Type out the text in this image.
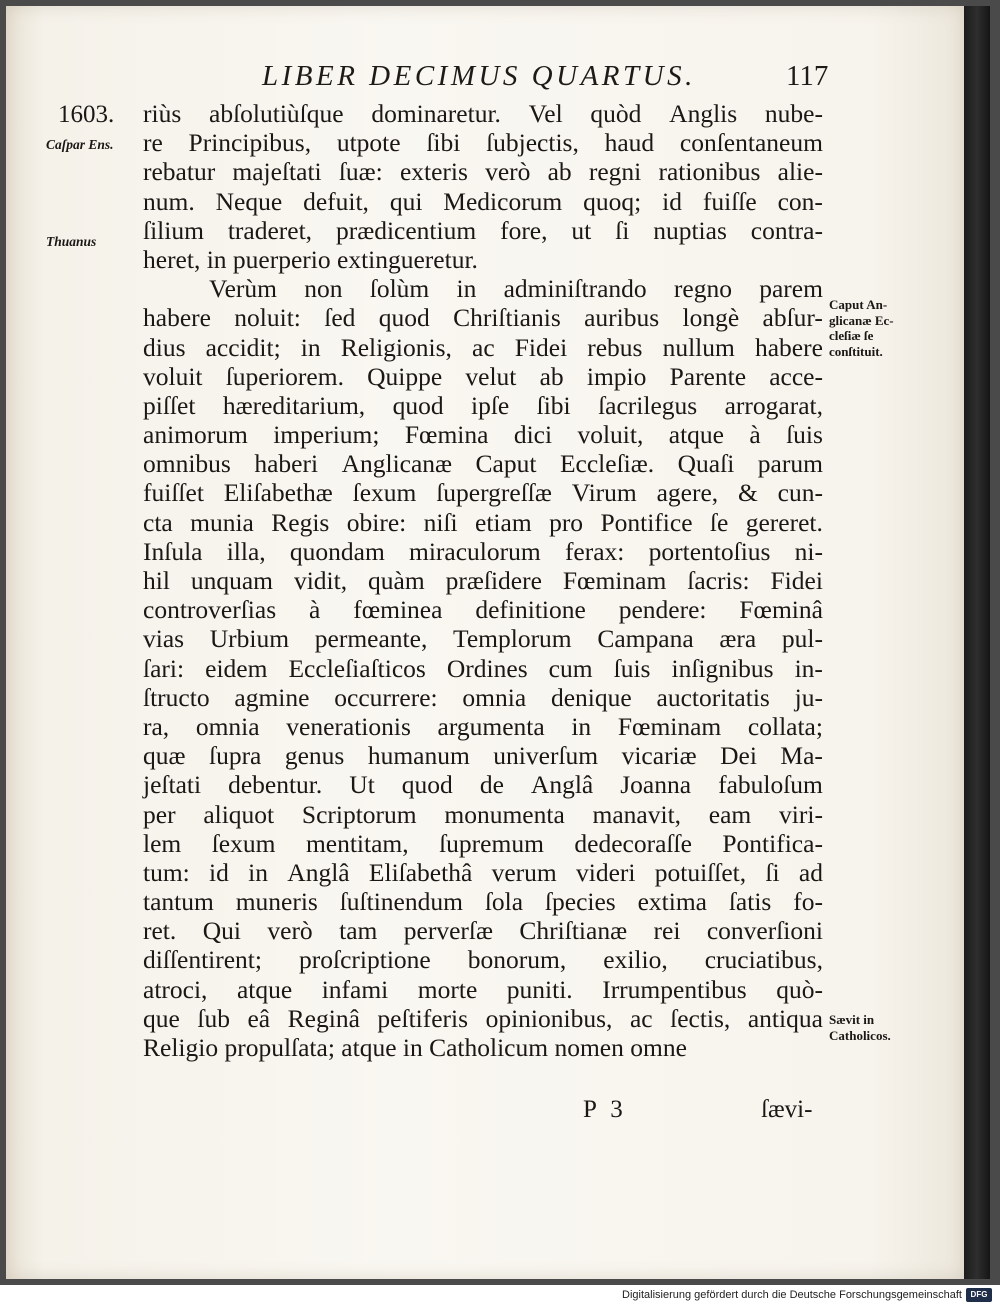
LIBER DECIMUS QUARTUS.	117
1603.
Caſpar Ens.
Thuanus
Caput An-
glicanæ Ec-
cleſiæ ſe
conſtituit.
Sævit in
Catholicos.
riùs abſolutiùſque dominaretur. Vel quòd Anglis nube-
re Principibus, utpote ſibi ſubjectis, haud conſentaneum
rebatur majeſtati ſuæ: exteris verò ab regni rationibus alie-
num. Neque defuit, qui Medicorum quoq; id fuiſſe con-
ſilium traderet, prædicentium fore, ut ſi nuptias contra-
heret, in puerperio extingueretur.
Verùm non ſolùm in adminiſtrando regno parem
habere noluit: ſed quod Chriſtianis auribus longè abſur-
dius accidit; in Religionis, ac Fidei rebus nullum habere
voluit ſuperiorem. Quippe velut ab impio Parente acce-
piſſet hæreditarium, quod ipſe ſibi ſacrilegus arrogarat,
animorum imperium; Fœmina dici voluit, atque à ſuis
omnibus haberi Anglicanæ Caput Eccleſiæ. Quaſi parum
fuiſſet Eliſabethæ ſexum ſupergreſſæ Virum agere, & cun-
cta munia Regis obire: niſi etiam pro Pontifice ſe gereret.
Inſula illa, quondam miraculorum ferax: portentoſius ni-
hil unquam vidit, quàm præſidere Fœminam ſacris: Fidei
controverſias à fœminea definitione pendere: Fœminâ
vias Urbium permeante, Templorum Campana æra pul-
ſari: eidem Eccleſiaſticos Ordines cum ſuis inſignibus in-
ſtructo agmine occurrere: omnia denique auctoritatis ju-
ra, omnia venerationis argumenta in Fœminam collata;
quæ ſupra genus humanum univerſum vicariæ Dei Ma-
jeſtati debentur. Ut quod de Anglâ Joanna fabuloſum
per aliquot Scriptorum monumenta manavit, eam viri-
lem ſexum mentitam, ſupremum dedecoraſſe Pontifica-
tum: id in Anglâ Eliſabethâ verum videri potuiſſet, ſi ad
tantum muneris ſuſtinendum ſola ſpecies extima ſatis fo-
ret. Qui verò tam perverſæ Chriſtianæ rei converſioni
diſſentirent; proſcriptione bonorum, exilio, cruciatibus,
atroci, atque infami morte puniti. Irrumpentibus quò-
que ſub eâ Reginâ peſtiferis opinionibus, ac ſectis, antiqua
Religio propulſata; atque in Catholicum nomen omne
P 3	ſævi-
Digitalisierung gefördert durch die Deutsche Forschungsgemeinschaft	DFG
